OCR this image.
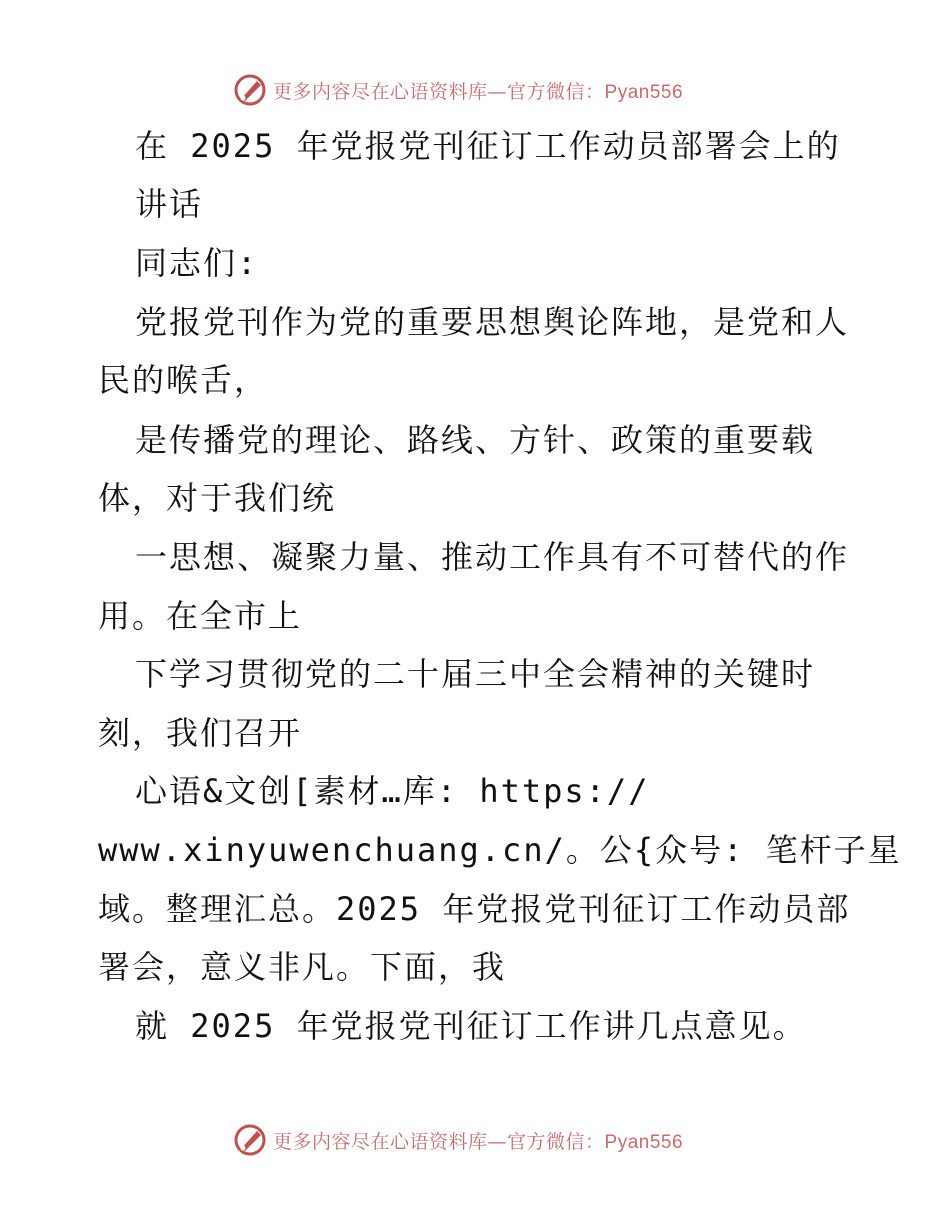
更多内容尽在心语资料库—官方微信：Pyan556
在 2025 年党报党刊征订工作动员部署会上的
讲话
同志们:
党报党刊作为党的重要思想舆论阵地，是党和人
民的喉舌，
是传播党的理论、路线、方针、政策的重要载
体，对于我们统
一思想、凝聚力量、推动工作具有不可替代的作
用。在全市上
下学习贯彻党的二十届三中全会精神的关键时
刻，我们召开
心语&文创[素材…库: https://
www.xinyuwenchuang.cn/。公{众号: 笔杆子星
域。整理汇总。2025 年党报党刊征订工作动员部
署会，意义非凡。下面，我
就 2025 年党报党刊征订工作讲几点意见。
更多内容尽在心语资料库—官方微信：Pyan556
